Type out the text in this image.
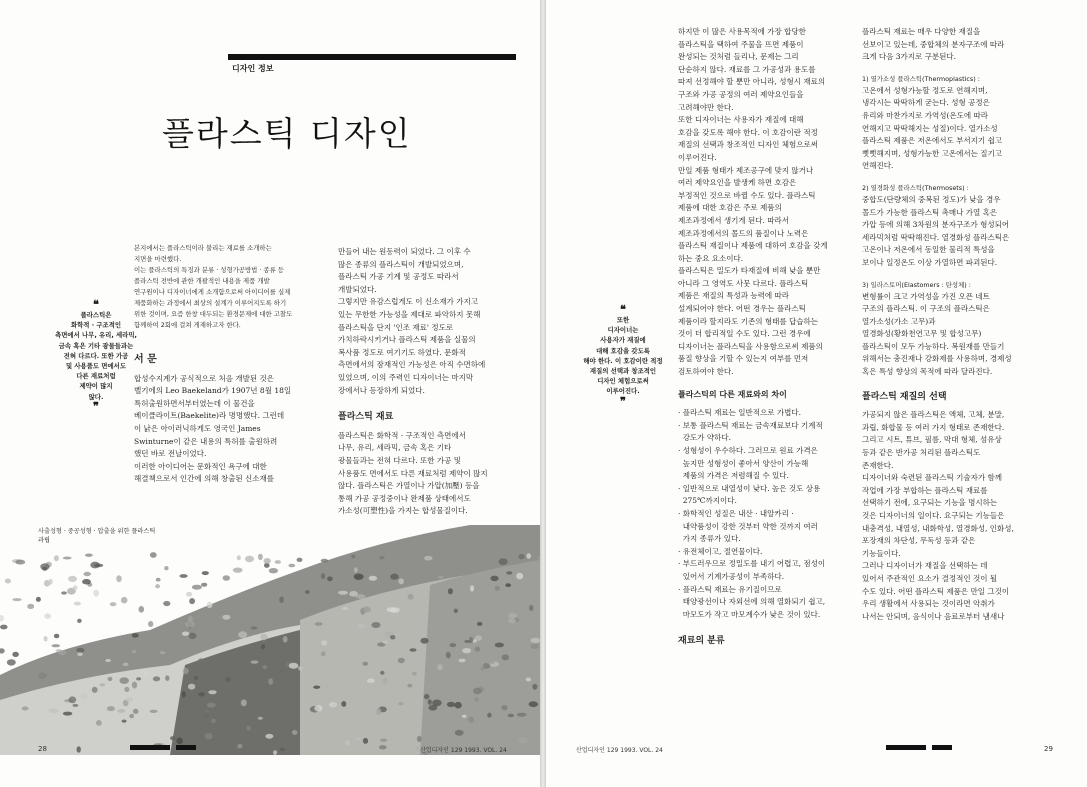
디자인 정보
플라스틱 디자인
❝
플라스틱은
화학적 · 구조적인
측면에서 나무, 유리, 세라믹,
금속 혹은 기타 광물들과는
전혀 다르다. 또한 가공
및 사용품도 면에서도
다른 재료처럼
제약이 많지
않다.
❞
본지에서는 플라스틱이라 불리는 재료를 소개하는
지면을 마련했다.
이는 플라스틱의 특징과 분류 · 성형가공방법 · 종류 등
플라스틱 전반에 관한 개괄적인 내용을 제품 개발
연구원이나 디자이너에게 소개함으로써 아이디어를 실제
제품화하는 과정에서 최상의 설계가 이루어지도록 하기
위한 것이며, 요즘 한창 대두되는 환경문제에 대한 고찰도
함께하여 2회에 걸쳐 게재하고자 한다.
서 문
합성수지계가 공식적으로 처음 개발된 것은
벨기에의 Leo Baekeland가 1907년 8월 18일
특허출원하면서부터였는데 이 물건을
베이클라이트(Baekelite)라 명명했다. 그런데
이 낡은 아이러닉하게도 영국인 James
Swinturne이 같은 내용의 특허를 출원하려
했던 바로 전날이었다.
이러한 아이디어는 문화적인 욕구에 대한
해결책으로서 인간에 의해 창출된 신소재를
만들어 내는 원동력이 되었다. 그 이후 수
많은 종류의 플라스틱이 개발되었으며,
플라스틱 가공 기계 및 공정도 따라서
개발되었다.
그렇지만 유감스럽게도 이 신소재가 가지고
있는 무한한 가능성을 제대로 파악하지 못해
플라스틱을 단지 '인조 재료' 정도로
가치하락시키거나 플라스틱 제품을 실물의
복사품 정도로 여기기도 하였다. 문화적
측면에서의 잠재적인 가능성은 아직 수면하에
있었으며, 이의 주력인 디자이너는 마지막
장에서나 등장하게 되었다.
플라스틱 재료
플라스틱은 화학적 · 구조적인 측면에서
나무, 유리, 세라믹, 금속 혹은 기타
광물들과는 전혀 다르다. 또한 가공 및
사용품도 면에서도 다른 재료처럼 제약이 많지
않다. 플라스틱은 가열이나 가압(加壓) 등을
통해 가공 공정중이나 완제품 상태에서도
가소성(可塑性)을 가지는 합성물질이다.
사출성형 · 중공성형 · 압출을 위한 플라스틱 과립
28	산업디자인 129 1993. VOL. 24
하지만 이 많은 사용목적에 가장 합당한
플라스틱을 택하여 주물을 뜨면 제품이
완성되는 것처럼 들리나, 문제는 그리
단순하지 않다. 재료를 그 가공성과 용도를
따져 선정해야 할 뿐만 아니라, 성형시 재료의
구조와 가공 공정의 여러 제약요인들을
고려해야만 한다.
또한 디자이너는 사용자가 재질에 대해
호감을 갖도록 해야 한다. 이 호감이란 적정
재질의 선택과 창조적인 디자인 체험으로써
이루어진다.
만일 제품 형태가 제조공구에 맞지 않거나
여러 제약요인을 발생케 하면 호감은
부정적인 것으로 바뀔 수도 있다. 플라스틱
제품에 대한 호감은 주로 제품의
제조과정에서 생기게 된다. 따라서
제조과정에서의 몰드의 품질이나 노력은
플라스틱 재질이나 제품에 대하여 호감을 갖게
하는 중요 요소이다.
플라스틱은 밀도가 타재질에 비해 낮을 뿐만
아니라 그 영역도 사뭇 다르다. 플라스틱
제품은 재질의 특성과 능력에 따라
설계되어야 한다. 어떤 경우는 플라스틱
제품이라 할지라도 기존의 형태를 답습하는
것이 더 합리적일 수도 있다. 그런 경우에
디자이너는 플라스틱을 사용함으로써 제품의
품질 향상을 기할 수 있는지 여부를 먼저
검토하여야 한다.
플라스틱의 다른 재료와의 차이
· 플라스틱 재료는 일반적으로 가볍다.
· 보통 플라스틱 재료는 금속재료보다 기계적
강도가 약하다.
· 성형성이 우수하다. 그러므로 원료 가격은
높지만 성형성이 좋아서 양산이 가능해
제품의 가격은 저렴해질 수 있다.
· 일반적으로 내열성이 낮다. 높은 것도 상용
275℃까지이다.
· 화학적인 성질은 내산 · 내알카리 ·
내약품성이 강한 것부터 약한 것까지 여러
가지 종류가 있다.
· 유전체이고, 절연물이다.
· 부드러우므로 정밀도를 내기 어렵고, 점성이
있어서 기계가공성이 부족하다.
· 플라스틱 재료는 유기질이므로
태양광선이나 자외선에 의해 열화되기 쉽고,
마모도가 작고 마모계수가 낮은 것이 있다.
재료의 분류
❝
또한
디자이너는
사용자가 재질에
대해 호감을 갖도록
해야 한다. 이 호감이란 적정
재질의 선택과 창조적인
디자인 체험으로써
이루어진다.
❞
플라스틱 재료는 매우 다양한 재질을
선보이고 있는데, 중합체의 분자구조에 따라
크게 다음 3가지로 구분된다.
1) 열가소성 플라스틱(Thermoplastics) :
고온에서 성형가능할 정도로 연해지며,
냉각시는 딱딱하게 굳는다. 성형 공정은
유리와 마찬가지로 가역성(온도에 따라
연해지고 딱딱해지는 성질)이다. 열가소성
플라스틱 제품은 저온에서도 부서지기 쉽고
뻣뻣해지며, 성형가능한 고온에서는 질기고
연해진다.
2) 열경화성 플라스틱(Thermosets) :
중합도(단량체의 중복된 정도)가 낮을 경우
몰드가 가능한 플라스틱 촉매나 가열 혹은
가압 등에 의해 3차원의 분자구조가 형성되어
세라믹처럼 딱딱해진다. 열경화성 플라스틱은
고온이나 저온에서 동일한 물리적 특성을
보이나 일정온도 이상 가열하면 파괴된다.
3) 일라스토머(Elastomers : 탄성체) :
변형률이 크고 가역성을 가진 오픈 네트
구조의 플라스틱. 이 구조의 플라스틱은
열가소성(가소 고무)과
열경화성(황화천연고무 및 합성고무)
플라스틱이 모두 가능하다. 복원재를 만들기
위해서는 충진재나 강화제를 사용하며, 경제성
혹은 특성 향상의 목적에 따라 달라진다.
플라스틱 재질의 선택
가공되지 않은 플라스틱은 액체, 고체, 분말,
과립, 화합물 등 여러 가지 형태로 존재한다.
그리고 시트, 튜브, 필름, 막대 형체, 섬유상
등과 같은 반가공 처리된 플라스틱도
존재한다.
디자이너와 숙련된 플라스틱 기술자가 함께
작업에 가장 부합하는 플라스틱 재료를
선택하기 전에, 요구되는 기능을 명시하는
것은 디자이너의 일이다. 요구되는 기능들은
내충격성, 내열성, 내화학성, 열경화성, 인화성,
포장재의 차단성, 무독성 등과 같은
기능들이다.
그러나 디자이너가 재질을 선택하는 데
있어서 주관적인 요소가 결정적인 것이 될
수도 있다. 어떤 플라스틱 제품은 만일 그것이
우리 생활에서 사용되는 것이라면 악취가
나서는 안되며, 음식이나 음료로부터 냄새나
29
산업디자인 129 1993. VOL. 24
